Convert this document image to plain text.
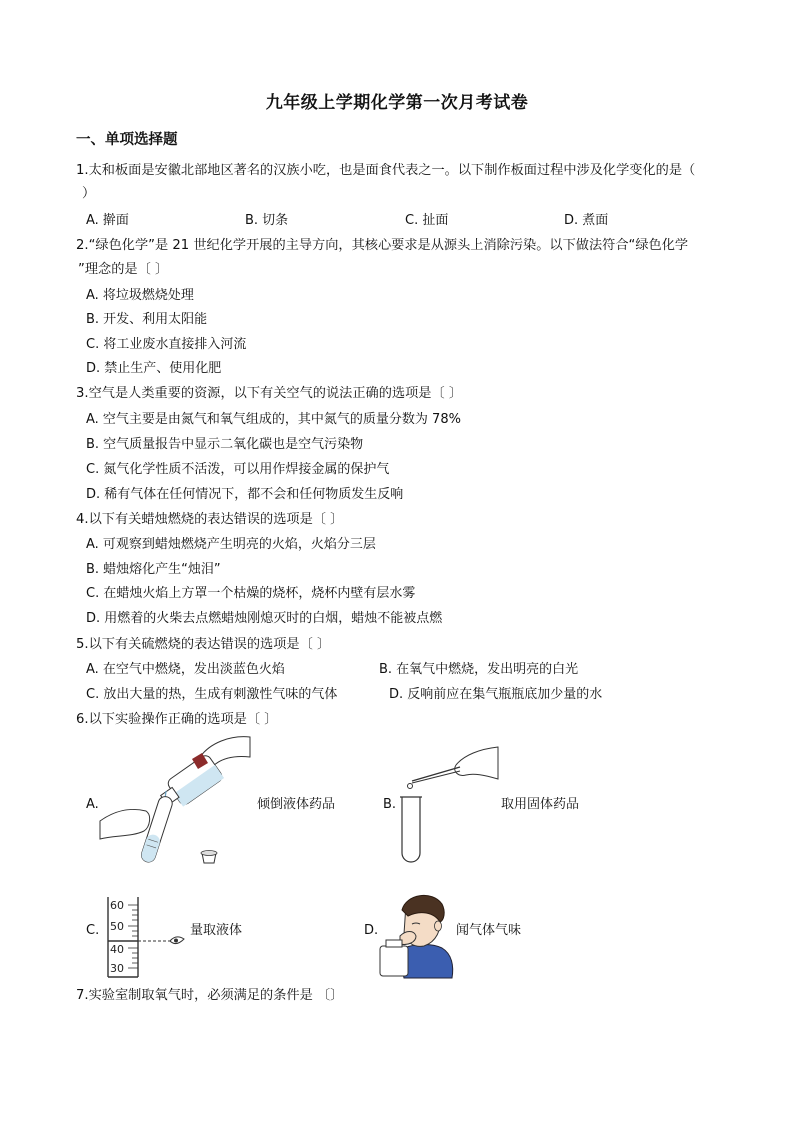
九年级上学期化学第一次月考试卷
一、单项选择题
1.太和板面是安徽北部地区著名的汉族小吃，也是面食代表之一。以下制作板面过程中涉及化学变化的是（
）
A. 擀面	B. 切条	C. 扯面	D. 煮面
2.“绿色化学”是 21 世纪化学开展的主导方向，其核心要求是从源头上消除污染。以下做法符合“绿色化学
”理念的是〔 〕
A. 将垃圾燃烧处理
B. 开发、利用太阳能
C. 将工业废水直接排入河流
D. 禁止生产、使用化肥
3.空气是人类重要的资源，以下有关空气的说法正确的选项是〔 〕
A. 空气主要是由氮气和氧气组成的，其中氮气的质量分数为 78%
B. 空气质量报告中显示二氧化碳也是空气污染物
C. 氮气化学性质不活泼，可以用作焊接金属的保护气
D. 稀有气体在任何情况下，都不会和任何物质发生反响
4.以下有关蜡烛燃烧的表达错误的选项是〔 〕
A. 可观察到蜡烛燃烧产生明亮的火焰，火焰分三层
B. 蜡烛熔化产生“烛泪”
C. 在蜡烛火焰上方罩一个枯燥的烧杯，烧杯内壁有层水雾
D. 用燃着的火柴去点燃蜡烛刚熄灭时的白烟，蜡烛不能被点燃
5.以下有关硫燃烧的表达错误的选项是〔 〕
A. 在空气中燃烧，发出淡蓝色火焰	B. 在氧气中燃烧，发出明亮的白光
C. 放出大量的热，生成有刺激性气味的气体	D. 反响前应在集气瓶瓶底加少量的水
6.以下实验操作正确的选项是〔 〕
A.	倾倒液体药品	B.	取用固体药品
C.
60
50
40
30
量取液体	D.	闻气体气味
7.实验室制取氧气时，必须满足的条件是 〔〕
